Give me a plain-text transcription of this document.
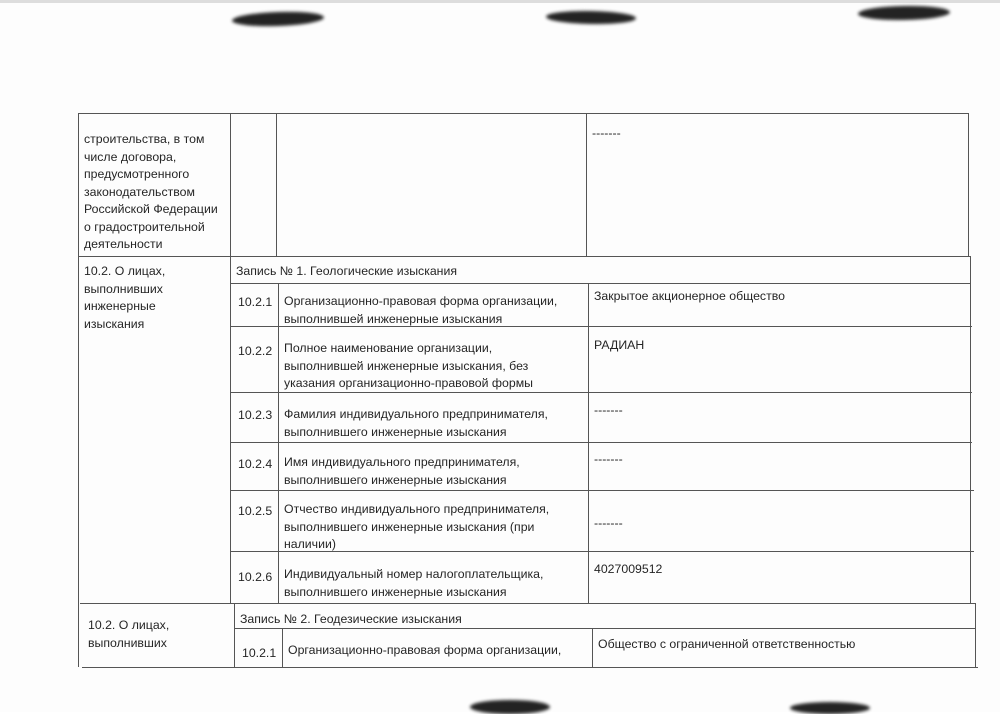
строительства, в том
числе договора,
предусмотренного
законодательством
Российской Федерации
о градостроительной
деятельности
-------
10.2. О лицах,
выполнивших
инженерные
изыскания
Запись № 1. Геологические изыскания
10.2.1 Организационно-правовая форма организации,
выполнившей инженерные изыскания
Закрытое акционерное общество
10.2.2 Полное наименование организации,
выполнившей инженерные изыскания, без
указания организационно-правовой формы
РАДИАН
10.2.3 Фамилия индивидуального предпринимателя,
выполнившего инженерные изыскания
-------
10.2.4 Имя индивидуального предпринимателя,
выполнившего инженерные изыскания
-------
10.2.5 Отчество индивидуального предпринимателя,
выполнившего инженерные изыскания (при
наличии)
-------
10.2.6 Индивидуальный номер налогоплательщика,
выполнившего инженерные изыскания
4027009512
10.2. О лицах,
выполнивших
Запись № 2. Геодезические изыскания
10.2.1 Организационно-правовая форма организации,	Общество с ограниченной ответственностью
